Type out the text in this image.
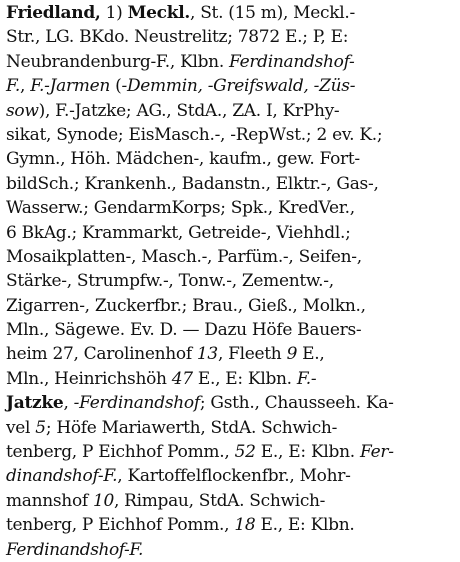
Friedland, 1) Meckl., St. (15 m), Meckl.-
Str., LG. BKdo. Neustrelitz; 7872 E.; P, E:
Neubrandenburg-F., Klbn. Ferdinandshof-
F., F.-Jarmen (-Demmin, -Greifswald, -Züs-
sow), F.-Jatzke; AG., StdA., ZA. I, KrPhy-
sikat, Synode; EisMasch.-, -RepWst.; 2 ev. K.;
Gymn., Höh. Mädchen-, kaufm., gew. Fort-
bildSch.; Krankenh., Badanstn., Elktr.-, Gas-,
Wasserw.; GendarmKorps; Spk., KredVer.,
6 BkAg.; Krammarkt, Getreide-, Viehhdl.;
Mosaikplatten-, Masch.-, Parfüm.-, Seifen-,
Stärke-, Strumpfw.-, Tonw.-, Zementw.-,
Zigarren-, Zuckerfbr.; Brau., Gieß., Molkn.,
Mln., Sägewe. Ev. D. — Dazu Höfe Bauers-
heim 27, Carolinenhof 13, Fleeth 9 E.,
Mln., Heinrichshöh 47 E., E: Klbn. F.-
Jatzke, -Ferdinandshof; Gsth., Chausseeh. Ka-
vel 5; Höfe Mariawerth, StdA. Schwich-
tenberg, P Eichhof Pomm., 52 E., E: Klbn. Fer-
dinandshof-F., Kartoffelflockenfbr., Mohr-
mannshof 10, Rimpau, StdA. Schwich-
tenberg, P Eichhof Pomm., 18 E., E: Klbn.
Ferdinandshof-F.
